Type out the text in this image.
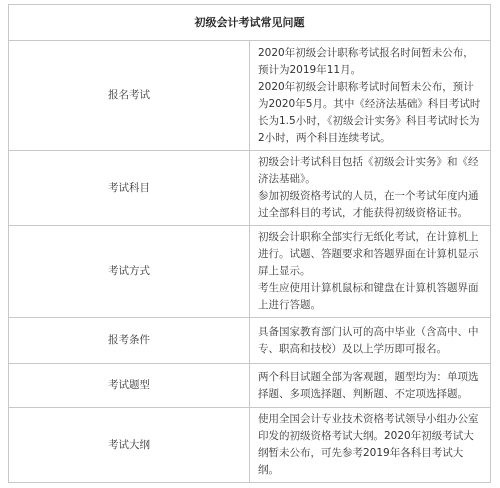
初级会计考试常见问题	
报名考试	2020年初级会计职称考试报名时间暂未公布，预计为2019年11月。
2020年初级会计职称考试时间暂未公布，预计为2020年5月。其中《经济法基础》科目考试时长为1.5小时，《初级会计实务》科目考试时长为2小时，两个科目连续考试。

考试科目	初级会计考试科目包括《初级会计实务》和《经济法基础》。
参加初级资格考试的人员，在一个考试年度内通过全部科目的考试，才能获得初级资格证书。

考试方式	初级会计职称全部实行无纸化考试，在计算机上进行。试题、答题要求和答题界面在计算机显示屏上显示。
考生应使用计算机鼠标和键盘在计算机答题界面上进行答题。

报考条件	具备国家教育部门认可的高中毕业（含高中、中专、职高和技校）及以上学历即可报名。

考试题型	两个科目试题全部为客观题，题型均为：单项选择题、多项选择题、判断题、不定项选择题。

考试大纲	使用全国会计专业技术资格考试领导小组办公室印发的初级资格考试大纲。2020年初级考试大纲暂未公布，可先参考2019年各科目考试大纲。
